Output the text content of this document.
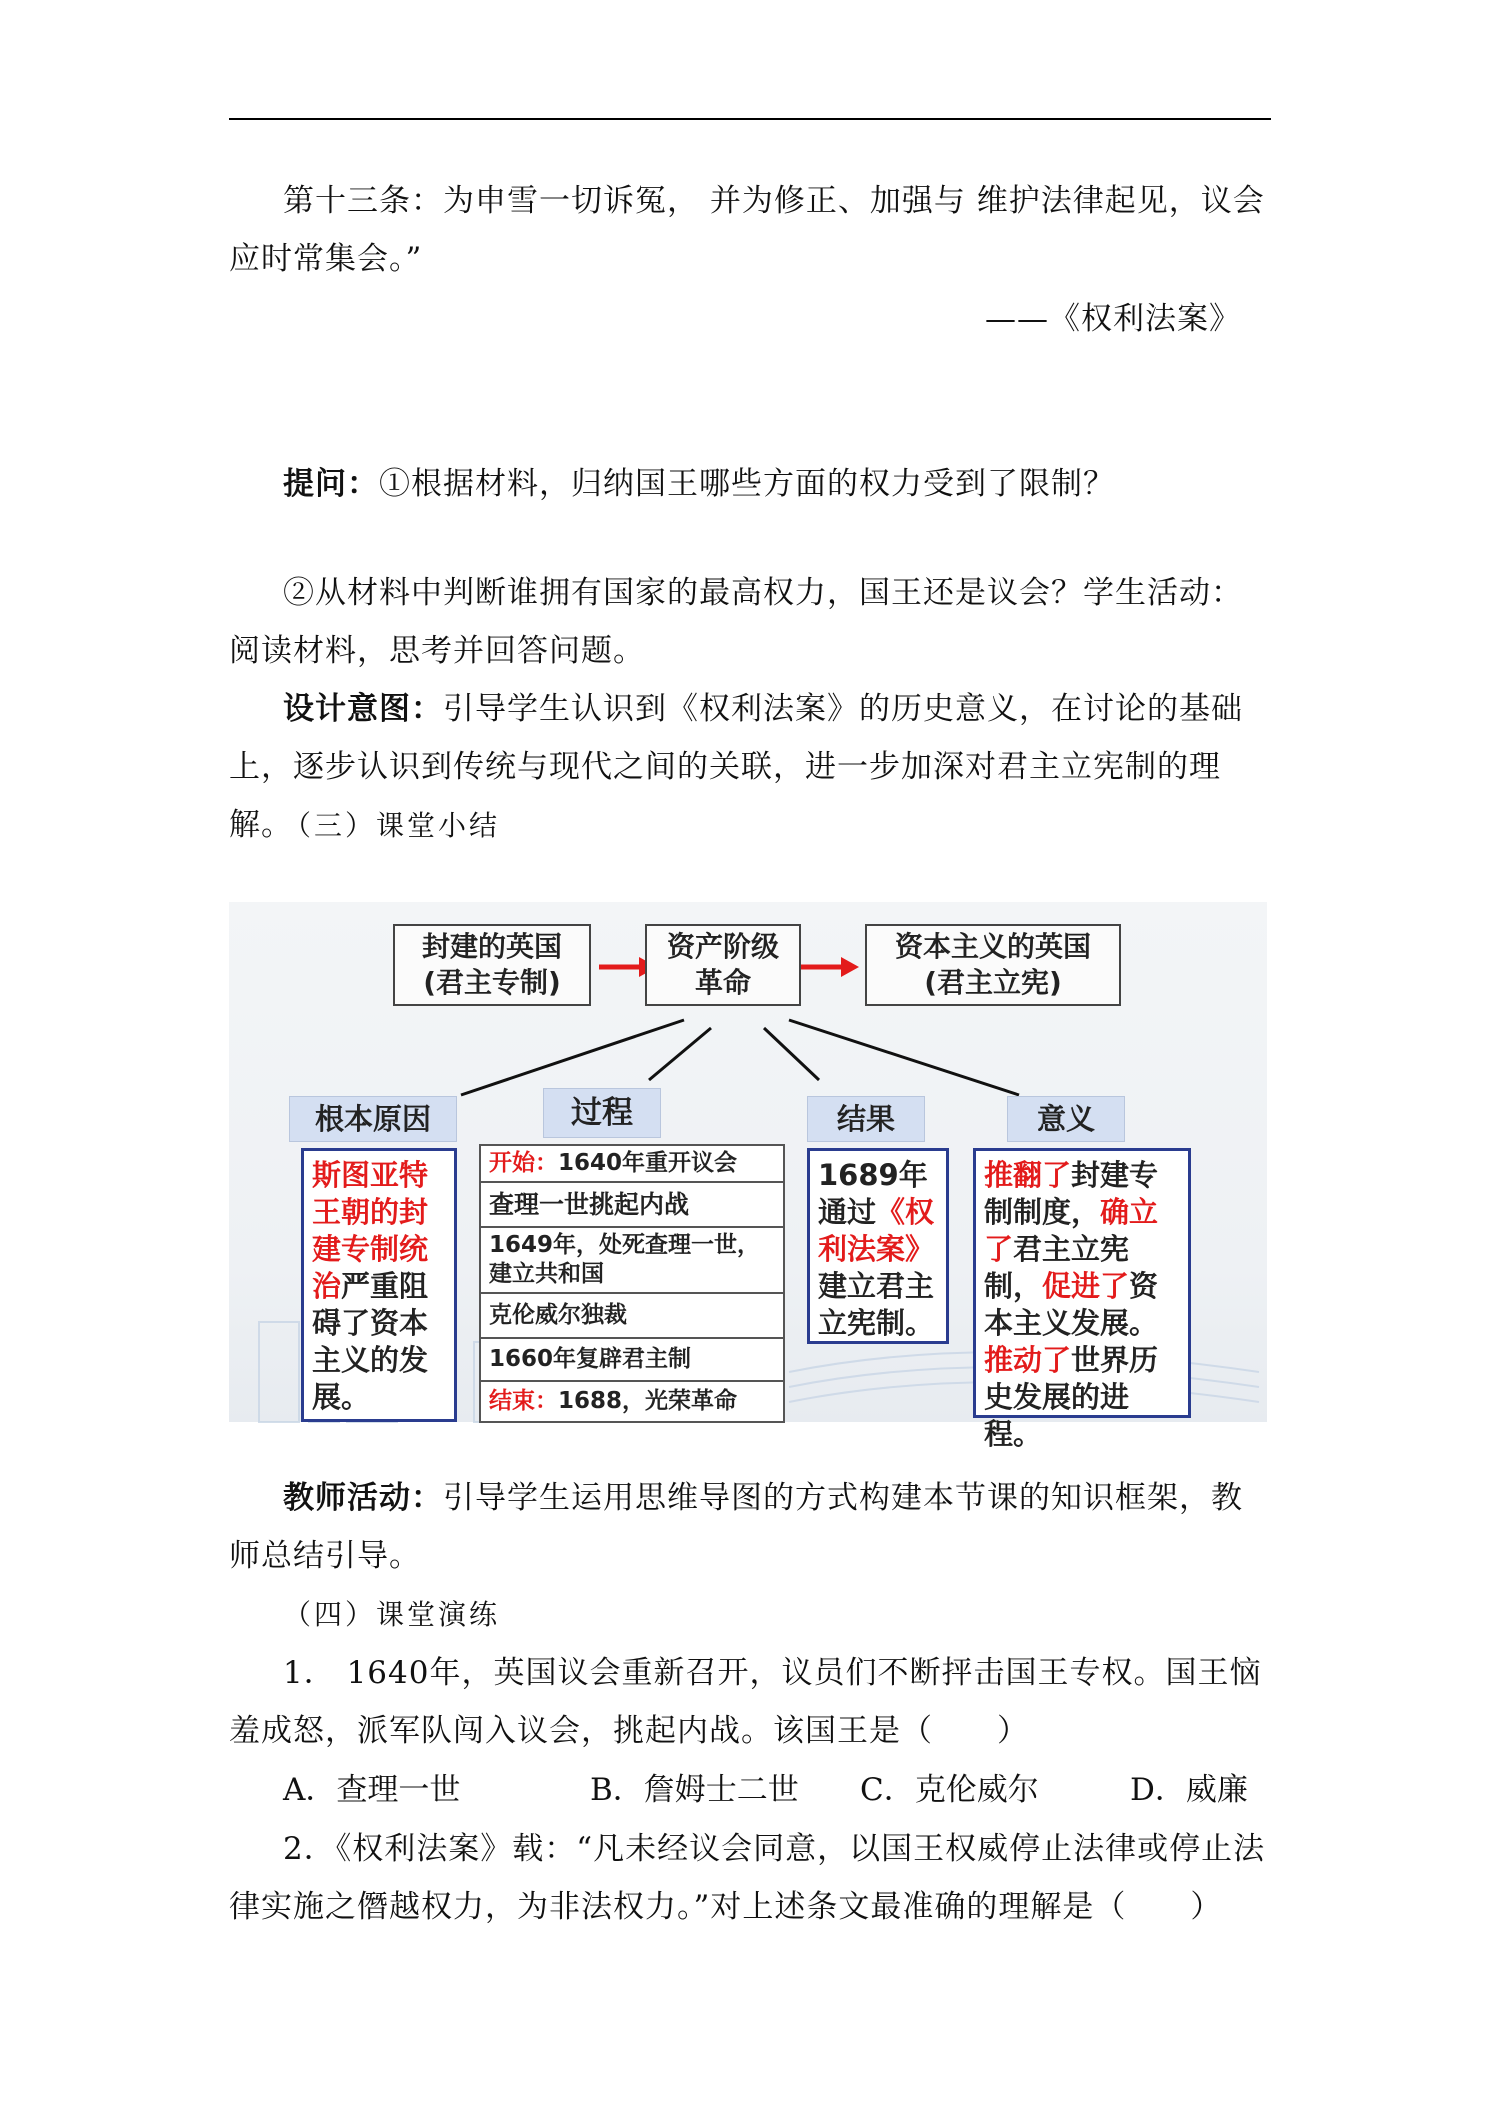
第十三条：为申雪一切诉冤， 并为修正、加强与 维护法律起见，议会应时常集会。”

——《权利法案》

提问：①根据材料，归纳国王哪些方面的权力受到了限制？

②从材料中判断谁拥有国家的最高权力，国王还是议会？学生活动：阅读材料，思考并回答问题。

设计意图：引导学生认识到《权利法案》的历史意义，在讨论的基础上，逐步认识到传统与现代之间的关联，进一步加深对君主立宪制的理解。

（三）课堂小结

封建的英国
(君主专制)
资产阶级
革命
资本主义的英国
(君主立宪)
根本原因	过程	结果	意义
斯图亚特王朝的封建专制统治严重阻碍了资本主义的发展。
开始：1640年重开议会
查理一世挑起内战
1649年，处死查理一世，建立共和国
克伦威尔独裁
1660年复辟君主制
结束：1688，光荣革命
1689年通过《权利法案》建立君主立宪制。
推翻了封建专制制度，确立了君主立宪制，促进了资本主义发展。推动了世界历史发展的进程。

教师活动：引导学生运用思维导图的方式构建本节课的知识框架，教师总结引导。

（四）课堂演练

1． 1640年，英国议会重新召开，议员们不断抨击国王专权。国王恼羞成怒，派军队闯入议会，挑起内战。该国王是（　　）

A．查理一世	B．詹姆士二世 C．克伦威尔	D．威廉

2．《权利法案》载：“凡未经议会同意，以国王权威停止法律或停止法律实施之僭越权力，为非法权力。”对上述条文最准确的理解是（　　）
